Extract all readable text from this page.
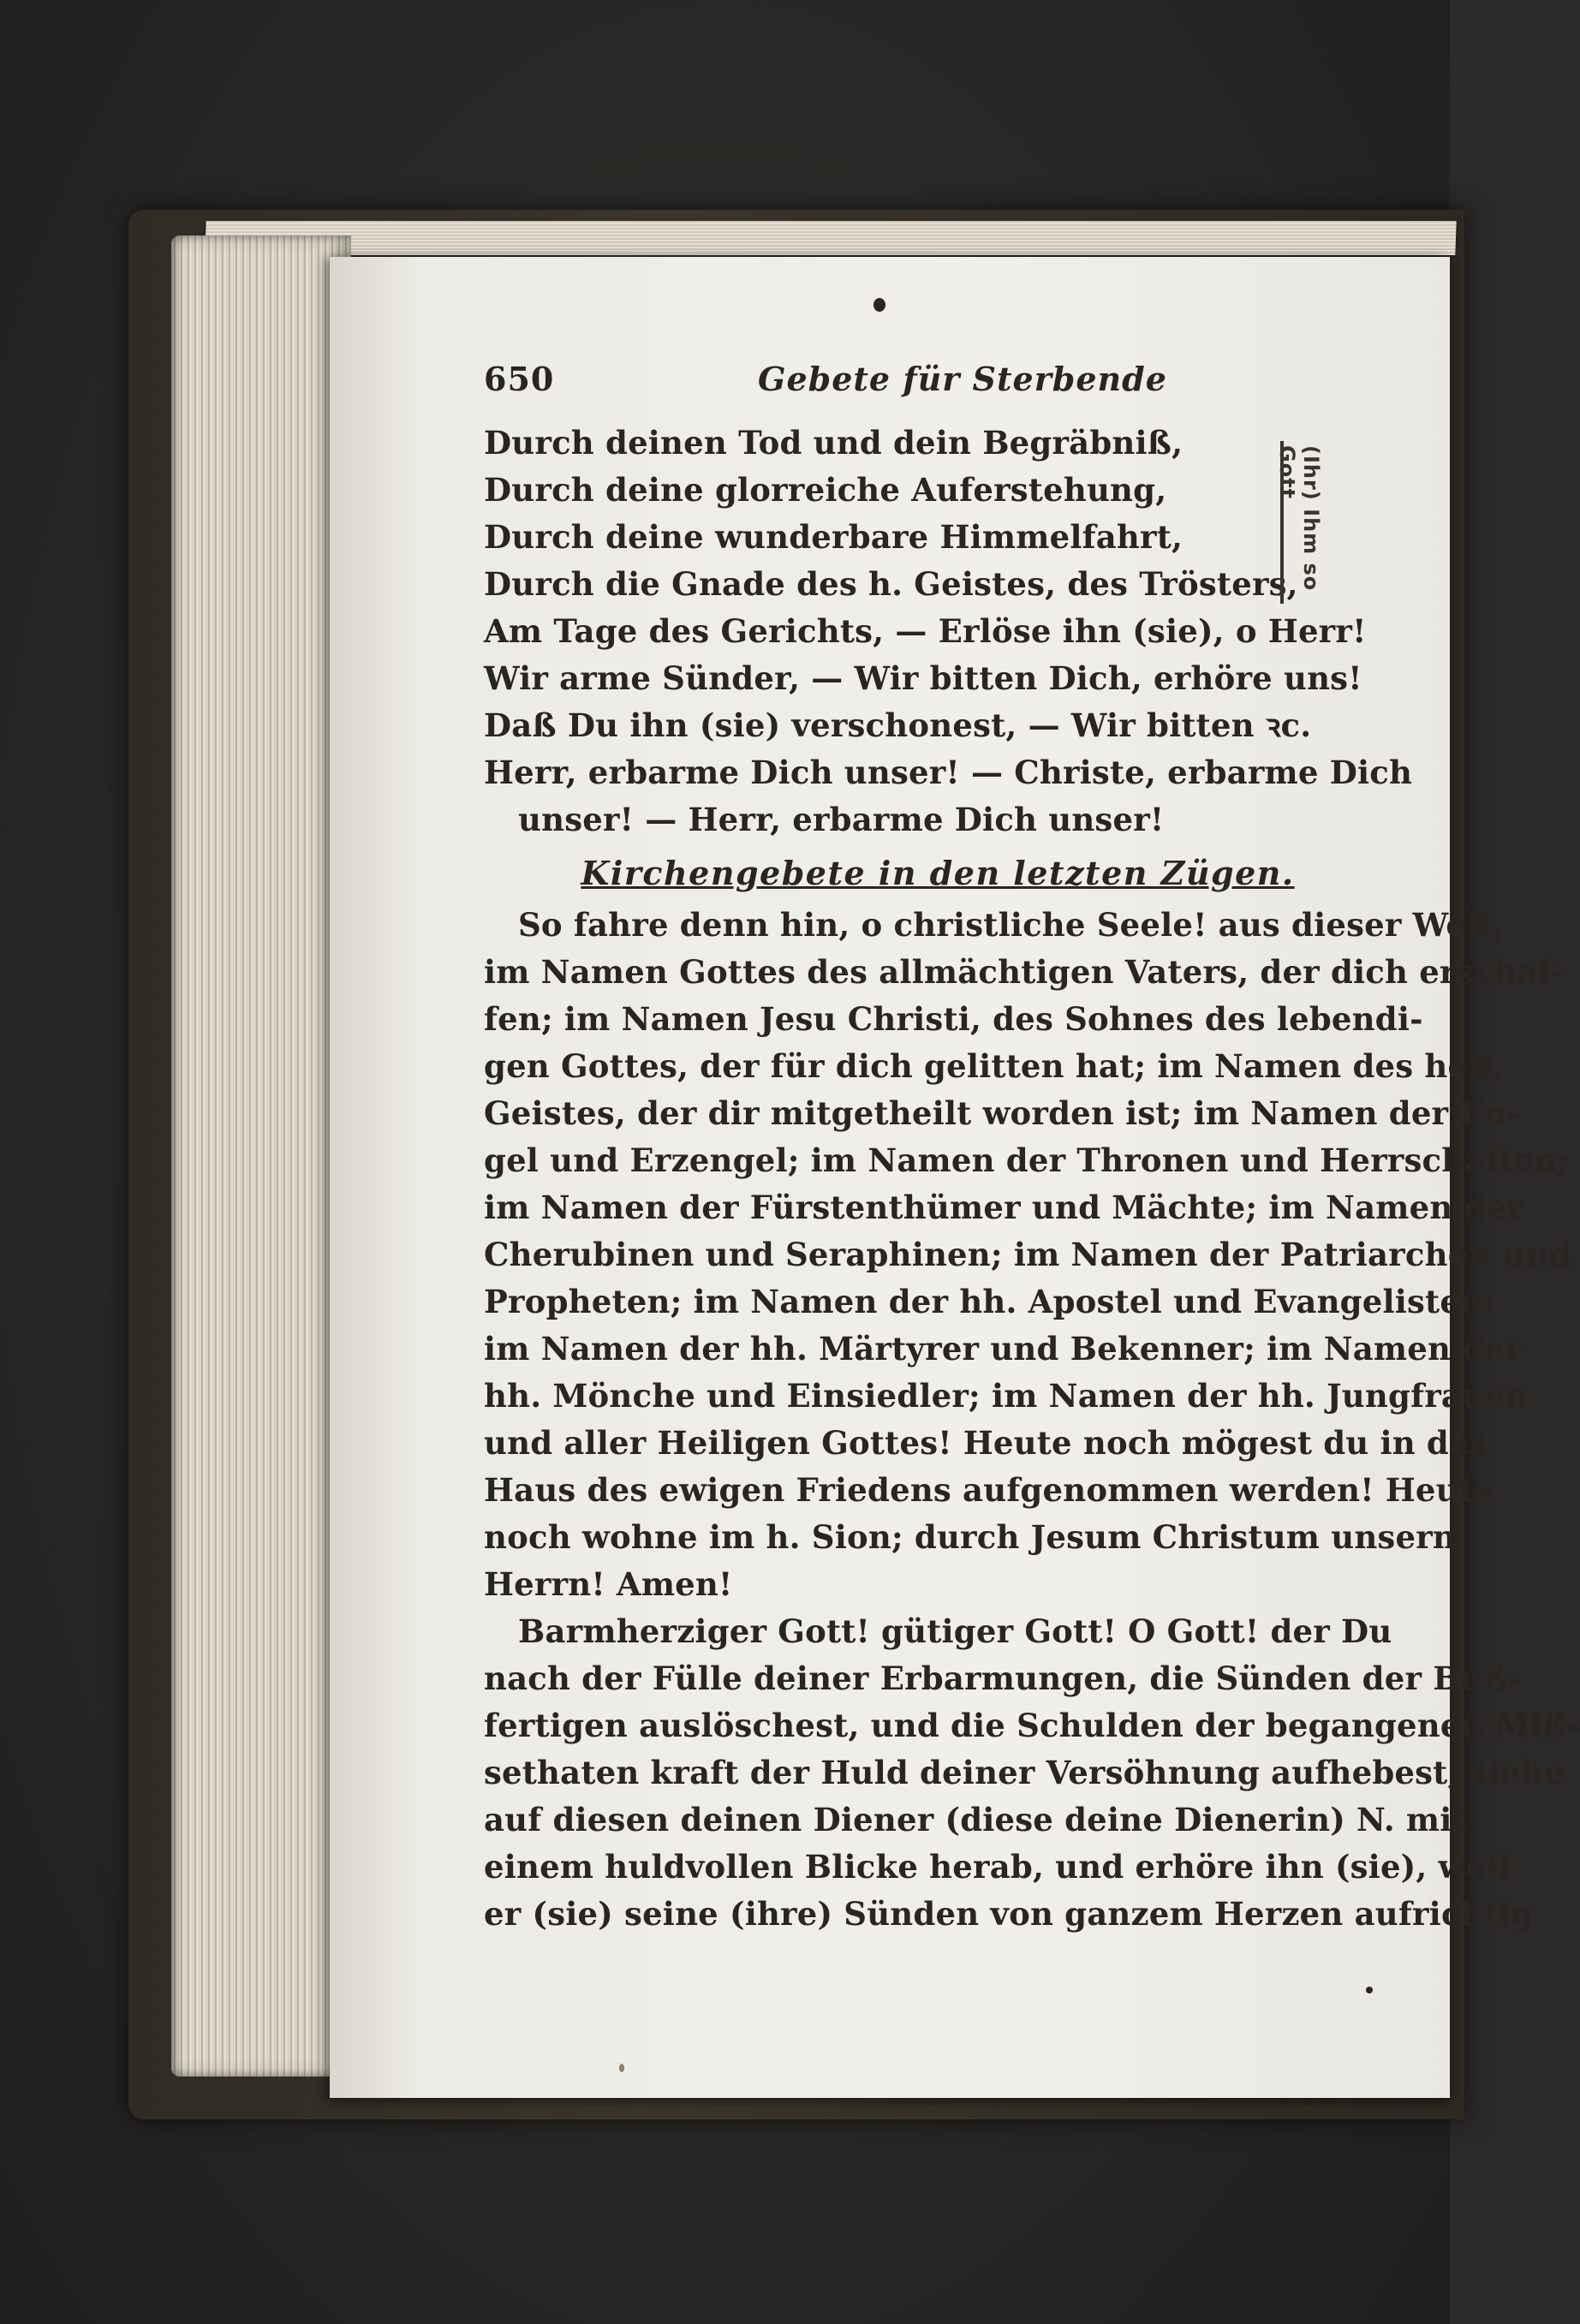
650	Gebete für Sterbende
Durch deinen Tod und dein Begräbniß,
Durch deine glorreiche Auferstehung,
Durch deine wunderbare Himmelfahrt,
Durch die Gnade des h. Geistes, des Trösters,
Am Tage des Gerichts, — Erlöse ihn (sie), o Herr!
Wir arme Sünder, — Wir bitten Dich, erhöre uns!
Daß Du ihn (sie) verschonest, — Wir bitten ꝛc.
Herr, erbarme Dich unser! — Christe, erbarme Dich
unser! — Herr, erbarme Dich unser!
Kirchengebete in den letzten Zügen.
So fahre denn hin, o christliche Seele! aus dieser Welt,
im Namen Gottes des allmächtigen Vaters, der dich erschaf-
fen; im Namen Jesu Christi, des Sohnes des lebendi-
gen Gottes, der für dich gelitten hat; im Namen des heil.
Geistes, der dir mitgetheilt worden ist; im Namen der En-
gel und Erzengel; im Namen der Thronen und Herrschaften;
im Namen der Fürstenthümer und Mächte; im Namen der
Cherubinen und Seraphinen; im Namen der Patriarchen und
Propheten; im Namen der hh. Apostel und Evangelisten;
im Namen der hh. Märtyrer und Bekenner; im Namen der
hh. Mönche und Einsiedler; im Namen der hh. Jungfrauen
und aller Heiligen Gottes! Heute noch mögest du in das
Haus des ewigen Friedens aufgenommen werden! Heute
noch wohne im h. Sion; durch Jesum Christum unsern
Herrn! Amen!
Barmherziger Gott! gütiger Gott! O Gott! der Du
nach der Fülle deiner Erbarmungen, die Sünden der Buß-
fertigen auslöschest, und die Schulden der begangenen Miß-
sethaten kraft der Huld deiner Versöhnung aufhebest, siehe
auf diesen deinen Diener (diese deine Dienerin) N. mit
einem huldvollen Blicke herab, und erhöre ihn (sie), weil
er (sie) seine (ihre) Sünden von ganzem Herzen aufrichtig
(Ihr) Ihm so Gott
